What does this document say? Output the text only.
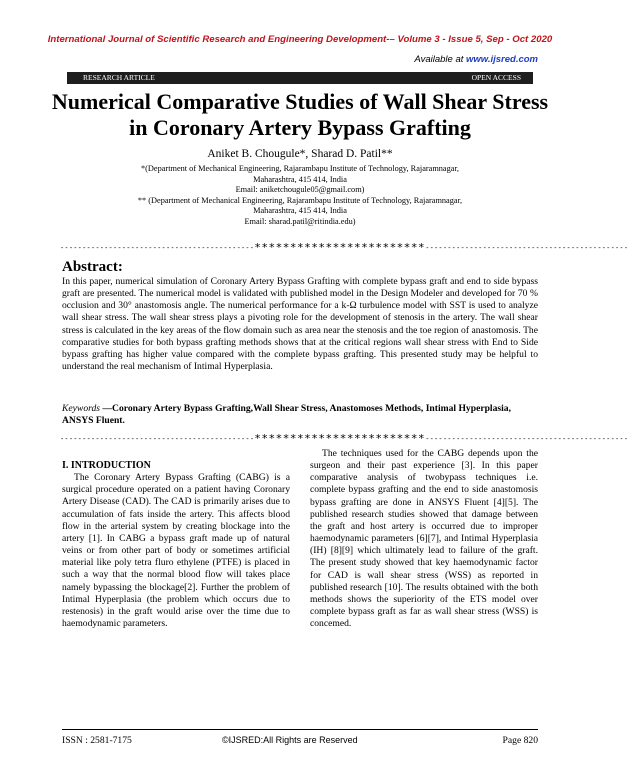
International Journal of Scientific Research and Engineering Development-– Volume 3 - Issue 5, Sep - Oct 2020
Available at www.ijsred.com
RESEARCH ARTICLE	OPEN ACCESS
Numerical Comparative Studies of Wall Shear Stress
in Coronary Artery Bypass Grafting
Aniket B. Chougule*, Sharad D. Patil**
*(Department of Mechanical Engineering, Rajarambapu Institute of Technology, Rajaramnagar,
Maharashtra, 415 414, India
Email: aniketchougule05@gmail.com)
** (Department of Mechanical Engineering, Rajarambapu Institute of Technology, Rajaramnagar,
Maharashtra, 415 414, India
Email: sharad.patil@ritindia.edu)
--------------------------------------------************************----------------------------------------------
Abstract:
In this paper, numerical simulation of Coronary Artery Bypass Grafting with complete bypass graft and end to side bypass graft are presented. The numerical model is validated with published model in the Design Modeler and developed for 70 % occlusion and 30° anastomosis angle. The numerical performance for a k-Ω turbulence model with SST is used to analyze wall shear stress. The wall shear stress plays a pivoting role for the development of stenosis in the artery. The wall shear stress is calculated in the key areas of the flow domain such as area near the stenosis and the toe region of anastomosis. The comparative studies for both bypass grafting methods shows that at the critical regions wall shear stress with End to Side bypass grafting has higher value compared with the complete bypass grafting. This presented study may be helpful to understand the real mechanism of Intimal Hyperplasia.
Keywords —Coronary Artery Bypass Grafting,Wall Shear Stress, Anastomoses Methods, Intimal Hyperplasia, ANSYS Fluent.
--------------------------------------------************************----------------------------------------------
I. INTRODUCTION

The Coronary Artery Bypass Grafting (CABG) is a surgical procedure operated on a patient having Coronary Artery Disease (CAD). The CAD is primarily arises due to accumulation of fats inside the artery. This affects blood flow in the arterial system by creating blockage into the artery [1]. In CABG a bypass graft made up of natural veins or from other part of body or sometimes artificial material like poly tetra fluro ethylene (PTFE) is placed in such a way that the normal blood flow will takes place namely bypassing the blockage[2]. Further the problem of Intimal Hyperplasia (the problem which occurs due to restenosis) in the graft would arise over the time due to haemodynamic parameters.

The techniques used for the CABG depends upon the surgeon and their past experience [3]. In this paper comparative analysis of twobypass techniques i.e. complete bypass grafting and the end to side anastomosis bypass grafting are done in ANSYS Fluent [4][5]. The published research studies showed that damage between the graft and host artery is occurred due to improper haemodynamic parameters [6][7], and Intimal Hyperplasia (IH) [8][9] which ultimately lead to failure of the graft. The present study showed that key haemodynamic factor for CAD is wall shear stress (WSS) as reported in published research [10]. The results obtained with the both methods shows the superiority of the ETS model over complete bypass graft as far as wall shear stress (WSS) is concemed.

ISSN : 2581-7175	©IJSRED:All Rights are Reserved	Page 820
